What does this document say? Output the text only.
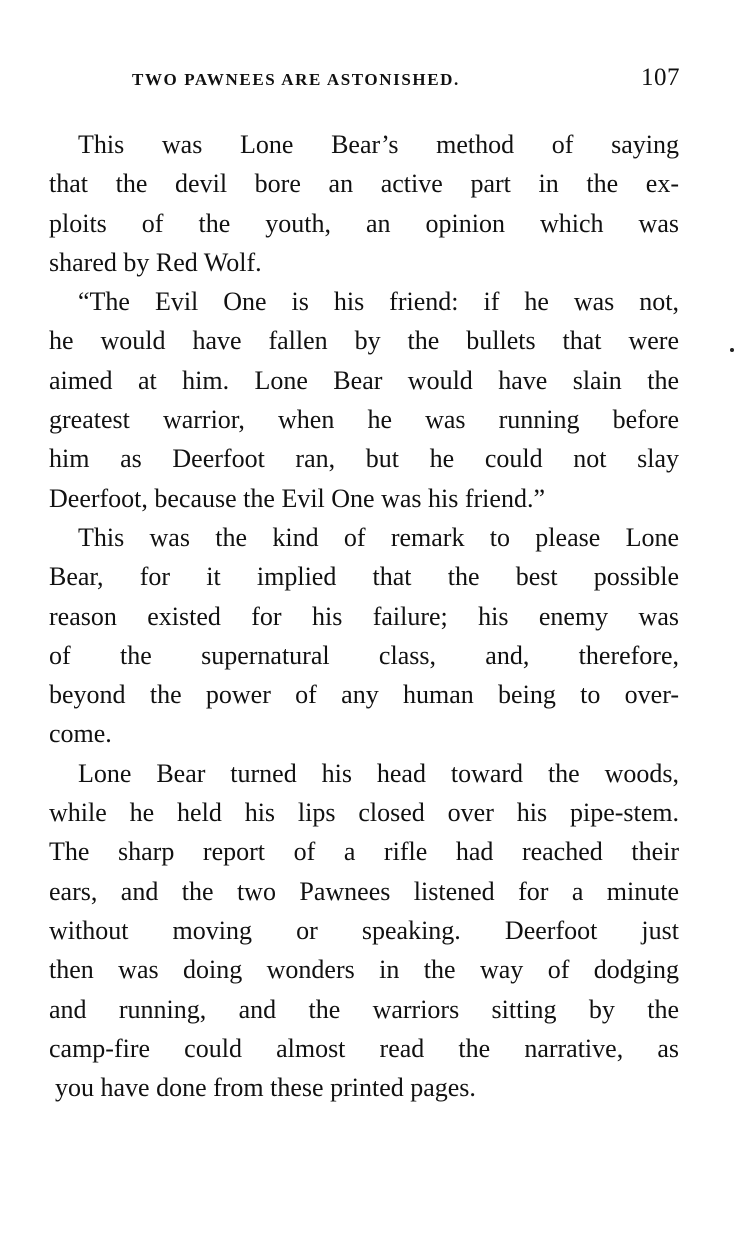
TWO PAWNEES ARE ASTONISHED.	107
This was Lone Bear’s method of saying
that the devil bore an active part in the ex-
ploits of the youth, an opinion which was
shared by Red Wolf.
“The Evil One is his friend: if he was not,
he would have fallen by the bullets that were
aimed at him. Lone Bear would have slain the
greatest warrior, when he was running before
him as Deerfoot ran, but he could not slay
Deerfoot, because the Evil One was his friend.”
This was the kind of remark to please Lone
Bear, for it implied that the best possible
reason existed for his failure; his enemy was
of the supernatural class, and, therefore,
beyond the power of any human being to over-
come.
Lone Bear turned his head toward the woods,
while he held his lips closed over his pipe-stem.
The sharp report of a rifle had reached their
ears, and the two Pawnees listened for a minute
without moving or speaking. Deerfoot just
then was doing wonders in the way of dodging
and running, and the warriors sitting by the
camp-fire could almost read the narrative, as
you have done from these printed pages.
